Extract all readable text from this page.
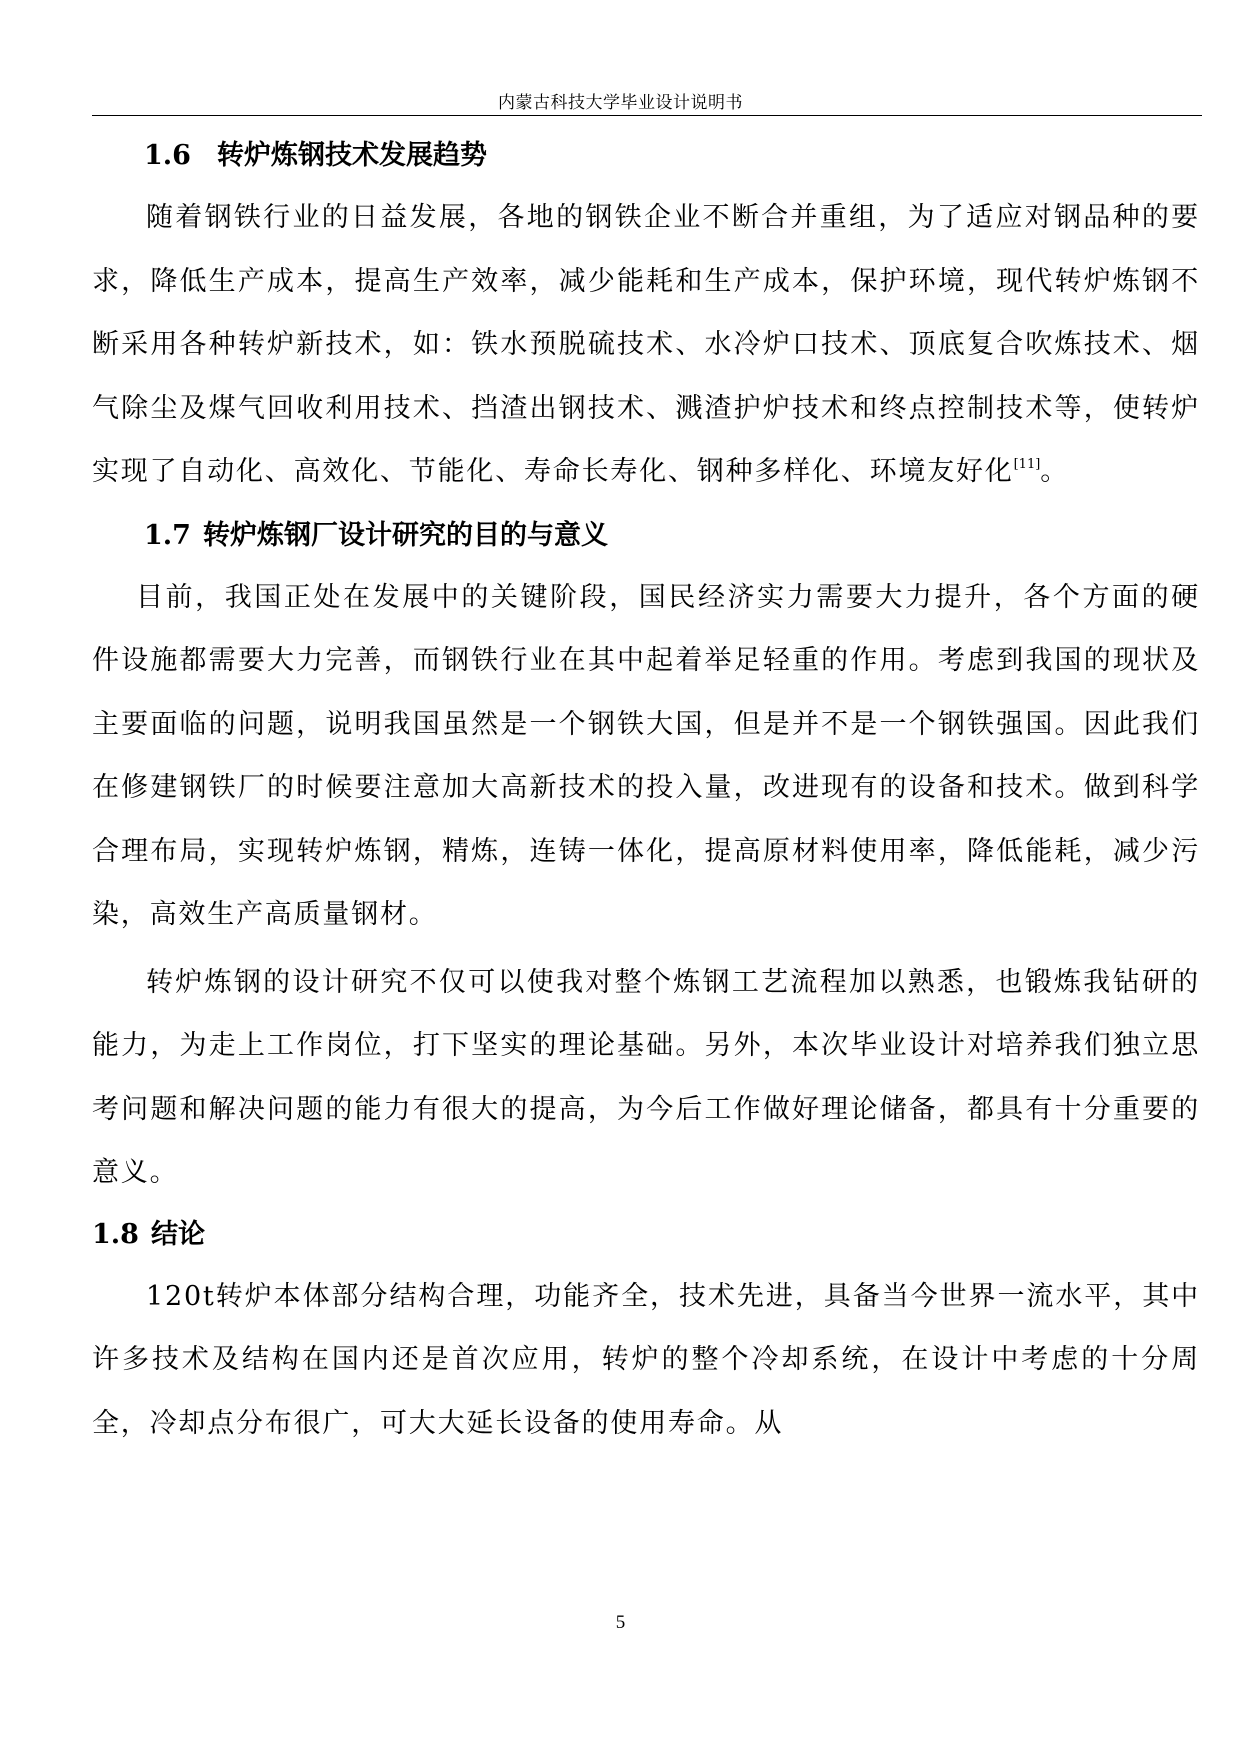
内蒙古科技大学毕业设计说明书
1.6 转炉炼钢技术发展趋势

随着钢铁行业的日益发展，各地的钢铁企业不断合并重组，为了适应对钢品种的要求，降低生产成本，提高生产效率，减少能耗和生产成本，保护环境，现代转炉炼钢不断采用各种转炉新技术，如：铁水预脱硫技术、水冷炉口技术、顶底复合吹炼技术、烟气除尘及煤气回收利用技术、挡渣出钢技术、溅渣护炉技术和终点控制技术等，使转炉实现了自动化、高效化、节能化、寿命长寿化、钢种多样化、环境友好化[11]。

1.7 转炉炼钢厂设计研究的目的与意义

目前，我国正处在发展中的关键阶段，国民经济实力需要大力提升，各个方面的硬件设施都需要大力完善，而钢铁行业在其中起着举足轻重的作用。考虑到我国的现状及主要面临的问题，说明我国虽然是一个钢铁大国，但是并不是一个钢铁强国。因此我们在修建钢铁厂的时候要注意加大高新技术的投入量，改进现有的设备和技术。做到科学合理布局，实现转炉炼钢，精炼，连铸一体化，提高原材料使用率，降低能耗，减少污染，高效生产高质量钢材。

转炉炼钢的设计研究不仅可以使我对整个炼钢工艺流程加以熟悉，也锻炼我钻研的能力，为走上工作岗位，打下坚实的理论基础。另外，本次毕业设计对培养我们独立思考问题和解决问题的能力有很大的提高，为今后工作做好理论储备，都具有十分重要的意义。

1.8 结论

120t转炉本体部分结构合理，功能齐全，技术先进，具备当今世界一流水平，其中许多技术及结构在国内还是首次应用，转炉的整个冷却系统，在设计中考虑的十分周全，冷却点分布很广，可大大延长设备的使用寿命。从

5
